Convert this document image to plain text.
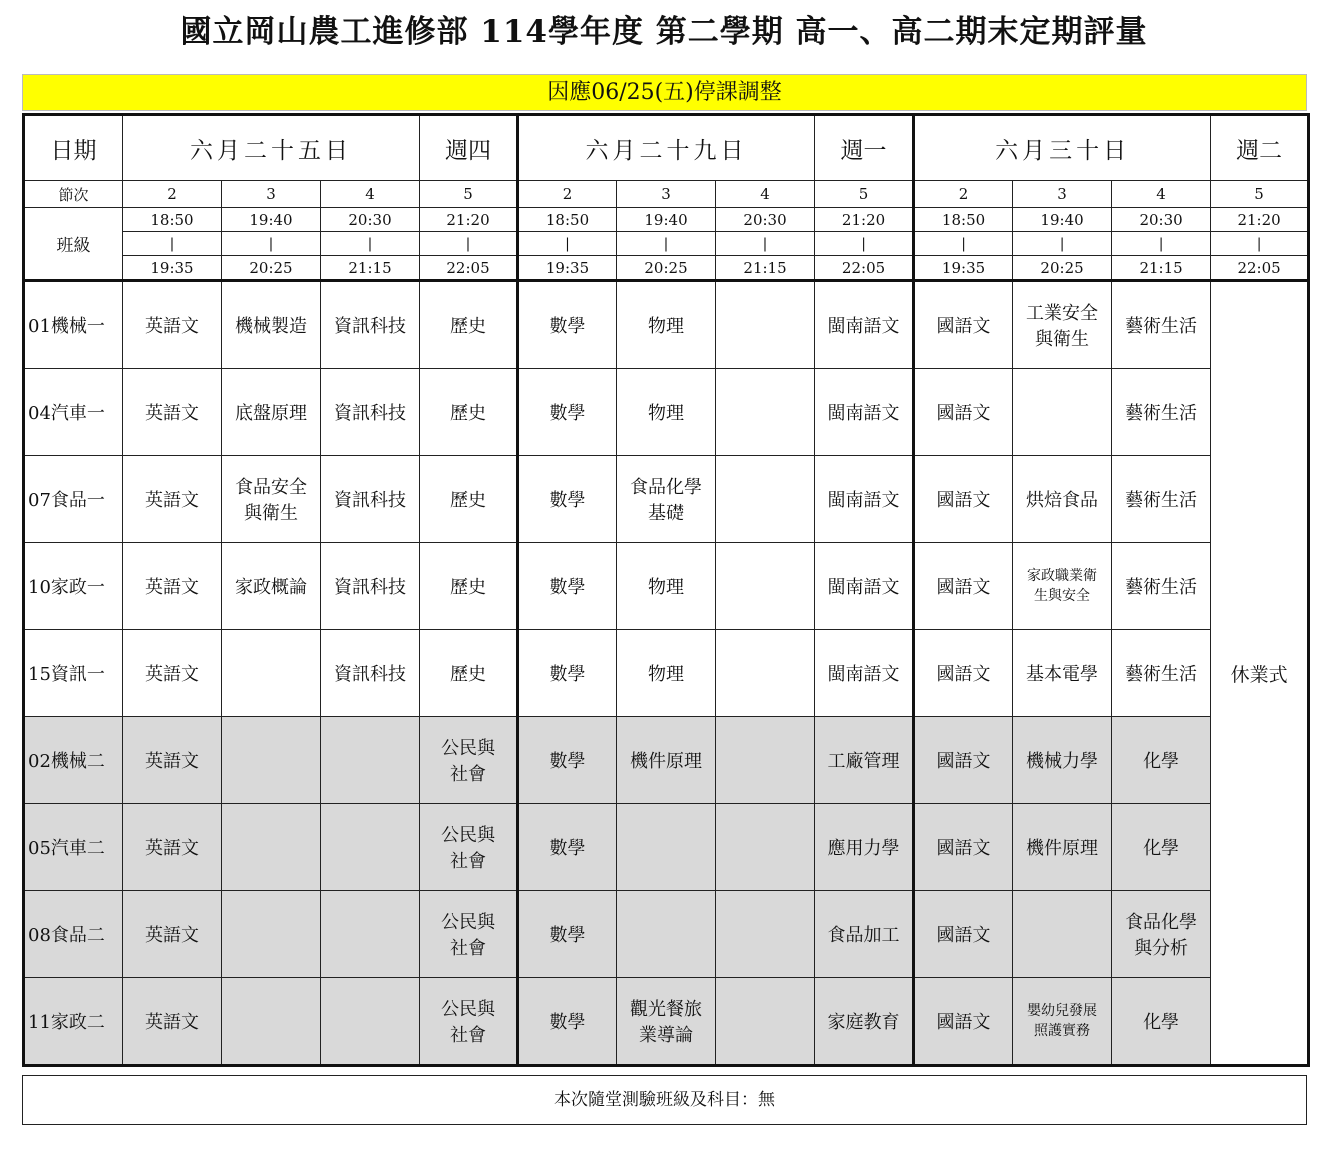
國立岡山農工進修部 114學年度 第二學期 高一、高二期末定期評量
因應06/25(五)停課調整
日期	六月二十五日			週四	六月二十九日			週一	六月三十日			週二
節次	2	3	4	5	2	3	4	5	2	3	4	5
班級	18:50	19:40	20:30	21:20	18:50	19:40	20:30	21:20	18:50	19:40	20:30	21:20
	|	|	|	|	|	|	|	|	|	|	|	|
	19:35	20:25	21:15	22:05	19:35	20:25	21:15	22:05	19:35	20:25	21:15	22:05
01機械一	英語文	機械製造	資訊科技	歷史	數學	物理		閩南語文	國語文	工業安全
與衛生	藝術生活	休業式
04汽車一	英語文	底盤原理	資訊科技	歷史	數學	物理		閩南語文	國語文		藝術生活	
07食品一	英語文	食品安全
與衛生	資訊科技	歷史	數學	食品化學
基礎		閩南語文	國語文	烘焙食品	藝術生活	
10家政一	英語文	家政概論	資訊科技	歷史	數學	物理		閩南語文	國語文	家政職業衛
生與安全	藝術生活	
15資訊一	英語文		資訊科技	歷史	數學	物理		閩南語文	國語文	基本電學	藝術生活	
02機械二	英語文			公民與
社會	數學	機件原理		工廠管理	國語文	機械力學	化學	
05汽車二	英語文			公民與
社會	數學			應用力學	國語文	機件原理	化學	
08食品二	英語文			公民與
社會	數學			食品加工	國語文		食品化學
與分析	
11家政二	英語文			公民與
社會	數學	觀光餐旅
業導論		家庭教育	國語文	嬰幼兒發展
照護實務	化學	
本次隨堂測驗班級及科目：無
